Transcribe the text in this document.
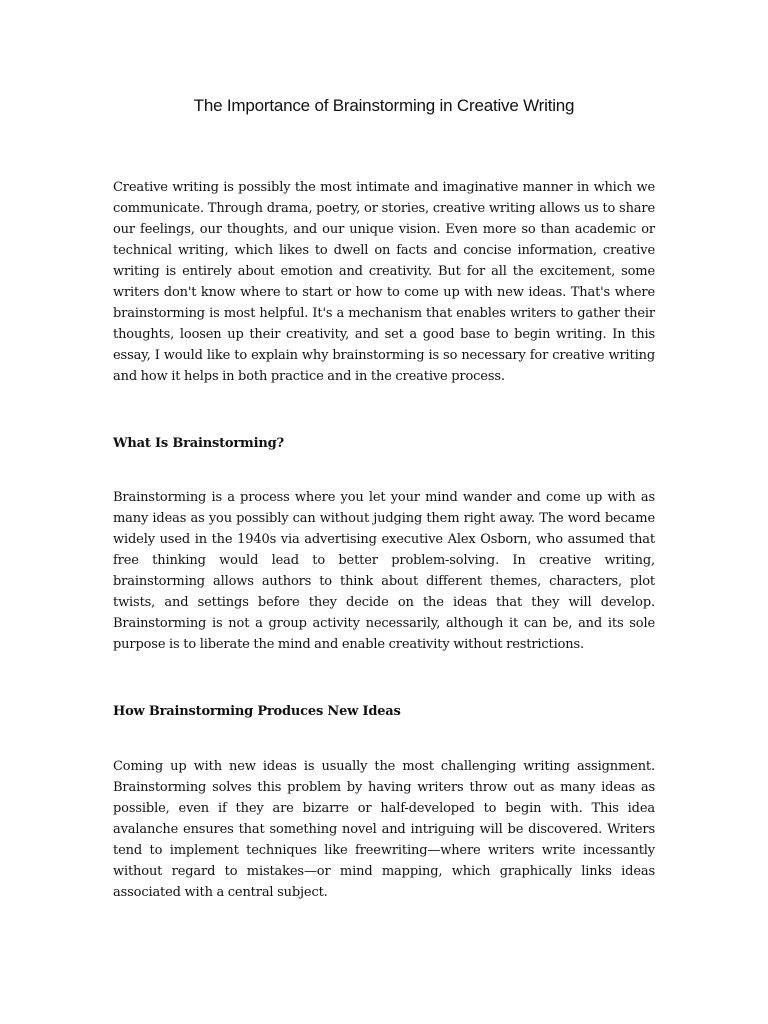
The Importance of Brainstorming in Creative Writing

Creative writing is possibly the most intimate and imaginative manner in which we communicate. Through drama, poetry, or stories, creative writing allows us to share our feelings, our thoughts, and our unique vision. Even more so than academic or technical writing, which likes to dwell on facts and concise information, creative writing is entirely about emotion and creativity. But for all the excitement, some writers don't know where to start or how to come up with new ideas. That's where brainstorming is most helpful. It's a mechanism that enables writers to gather their thoughts, loosen up their creativity, and set a good base to begin writing. In this essay, I would like to explain why brainstorming is so necessary for creative writing and how it helps in both practice and in the creative process.

What Is Brainstorming?

Brainstorming is a process where you let your mind wander and come up with as many ideas as you possibly can without judging them right away. The word became widely used in the 1940s via advertising executive Alex Osborn, who assumed that free thinking would lead to better problem-solving. In creative writing, brainstorming allows authors to think about different themes, characters, plot twists, and settings before they decide on the ideas that they will develop. Brainstorming is not a group activity necessarily, although it can be, and its sole purpose is to liberate the mind and enable creativity without restrictions.

How Brainstorming Produces New Ideas

Coming up with new ideas is usually the most challenging writing assignment. Brainstorming solves this problem by having writers throw out as many ideas as possible, even if they are bizarre or half-developed to begin with. This idea avalanche ensures that something novel and intriguing will be discovered. Writers tend to implement techniques like freewriting—where writers write incessantly without regard to mistakes—or mind mapping, which graphically links ideas associated with a central subject.
